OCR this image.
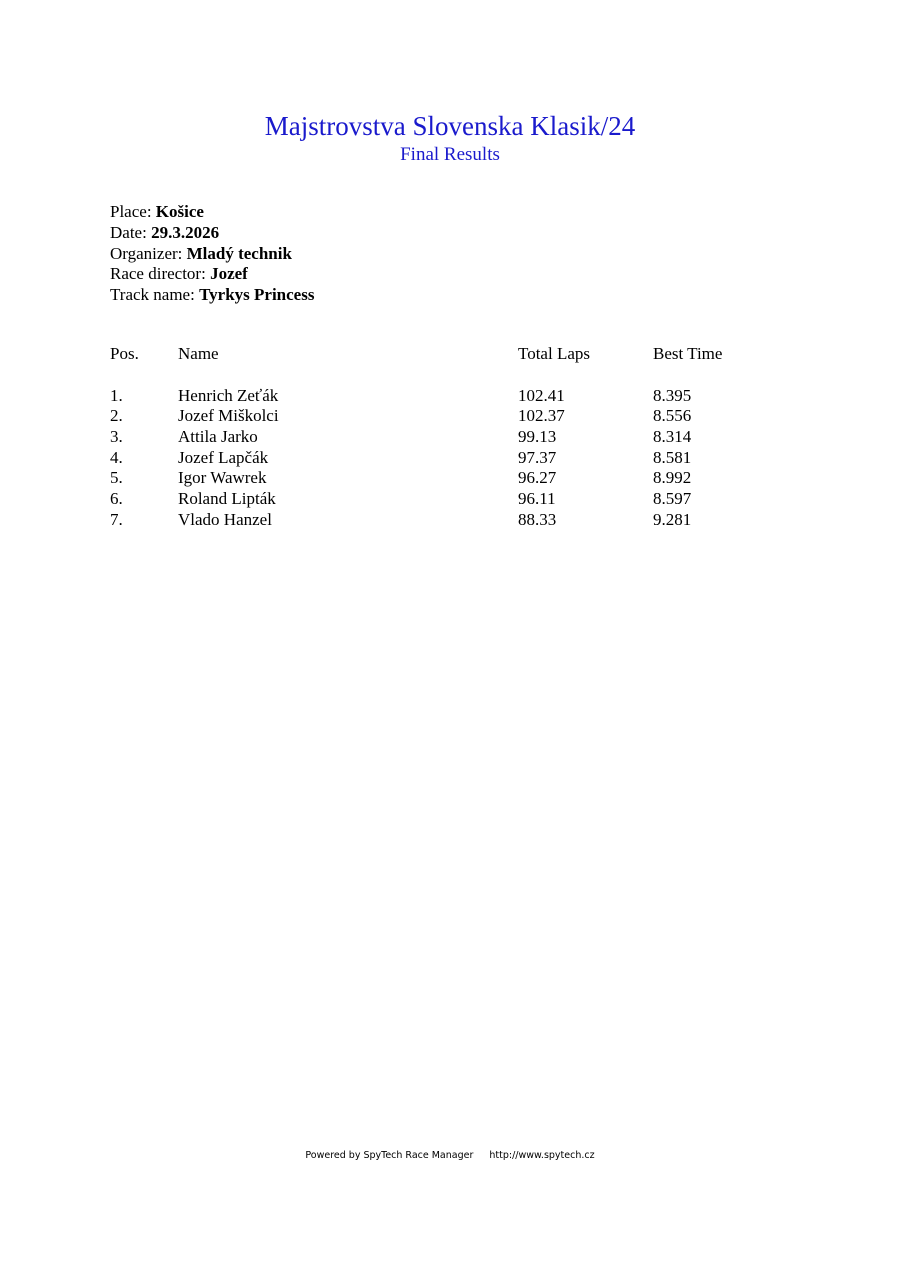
Majstrovstva Slovenska Klasik/24
Final Results
Place: Košice
Date: 29.3.2026
Organizer: Mladý technik
Race director: Jozef
Track name: Tyrkys Princess
Pos. Name	Total Laps	Best Time
1.	Henrich Zeťák	102.41	8.395
2.	Jozef Miškolci	102.37	8.556
3.	Attila Jarko	99.13	8.314
4.	Jozef Lapčák	97.37	8.581
5.	Igor Wawrek	96.27	8.992
6.	Roland Lipták	96.11	8.597
7.	Vlado Hanzel	88.33	9.281
Powered by SpyTech Race Manager http://www.spytech.cz
